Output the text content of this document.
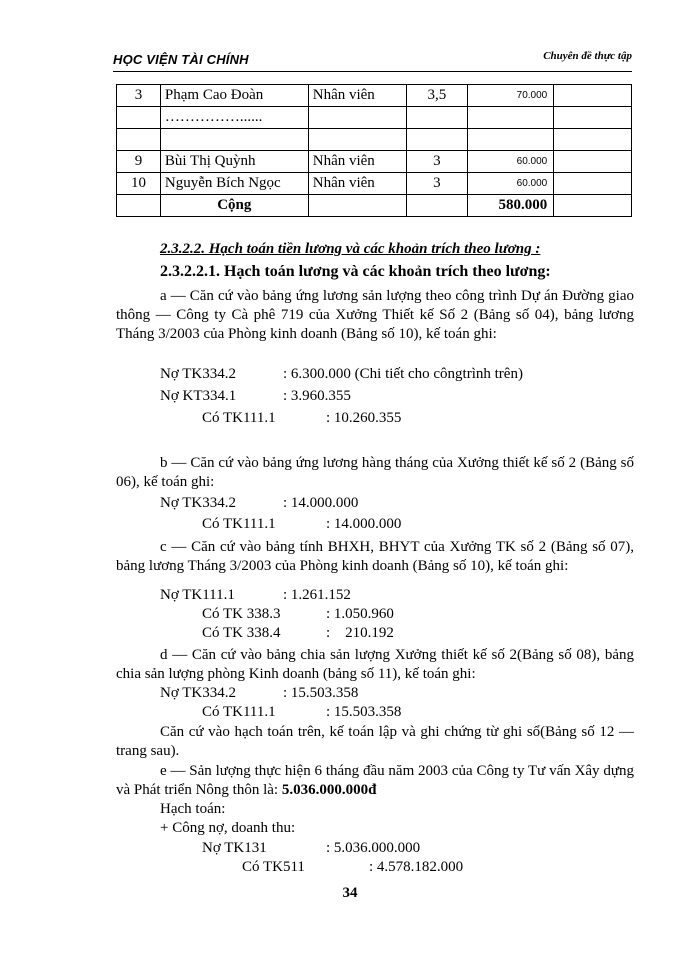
HỌC VIỆN TÀI CHÍNH	Chuyên đề thực tập
3	Phạm Cao Đoàn	Nhân viên	3,5	70.000	
	……………......				

9	Bùi Thị Quỳnh	Nhân viên	3	60.000	
10	Nguyễn Bích Ngọc	Nhân viên	3	60.000	
	Cộng			580.000	
2.3.2.2. Hạch toán tiền lương và các khoản trích theo lương :
2.3.2.2.1. Hạch toán lương và các khoản trích theo lương:
a — Căn cứ vào bảng ứng lương sản lượng theo công trình Dự án Đường giao thông — Công ty Cà phê 719 của Xưởng Thiết kế Số 2 (Bảng số 04), bảng lương Tháng 3/2003 của Phòng kinh doanh (Bảng số 10), kế toán ghi:
Nợ TK334.2	: 6.300.000 (Chi tiết cho côngtrình trên)
Nợ KT334.1	: 3.960.355
Có TK111.1	: 10.260.355
b — Căn cứ vào bảng ứng lương hàng tháng của Xưởng thiết kế số 2 (Bảng số 06), kế toán ghi:
Nợ TK334.2	: 14.000.000
Có TK111.1	: 14.000.000
c — Căn cứ vào bảng tính BHXH, BHYT của Xưởng TK số 2 (Bảng số 07), bảng lương Tháng 3/2003 của Phòng kinh doanh (Bảng số 10), kế toán ghi:
Nợ TK111.1	: 1.261.152
Có TK 338.3	: 1.050.960
Có TK 338.4	:    210.192
d — Căn cứ vào bảng chia sản lượng Xưởng thiết kế số 2(Bảng số 08), bảng chia sản lượng phòng Kinh doanh (bảng số 11), kế toán ghi:
Nợ TK334.2	: 15.503.358
Có TK111.1	: 15.503.358
Căn cứ vào hạch toán trên, kế toán lập và ghi chứng từ ghi sổ(Bảng số 12 — trang sau).
e — Sản lượng thực hiện 6 tháng đầu năm 2003 của Công ty Tư vấn Xây dựng và Phát triển Nông thôn là: 5.036.000.000đ
Hạch toán:
+ Công nợ, doanh thu:
Nợ TK131	: 5.036.000.000
Có TK511	: 4.578.182.000
34
